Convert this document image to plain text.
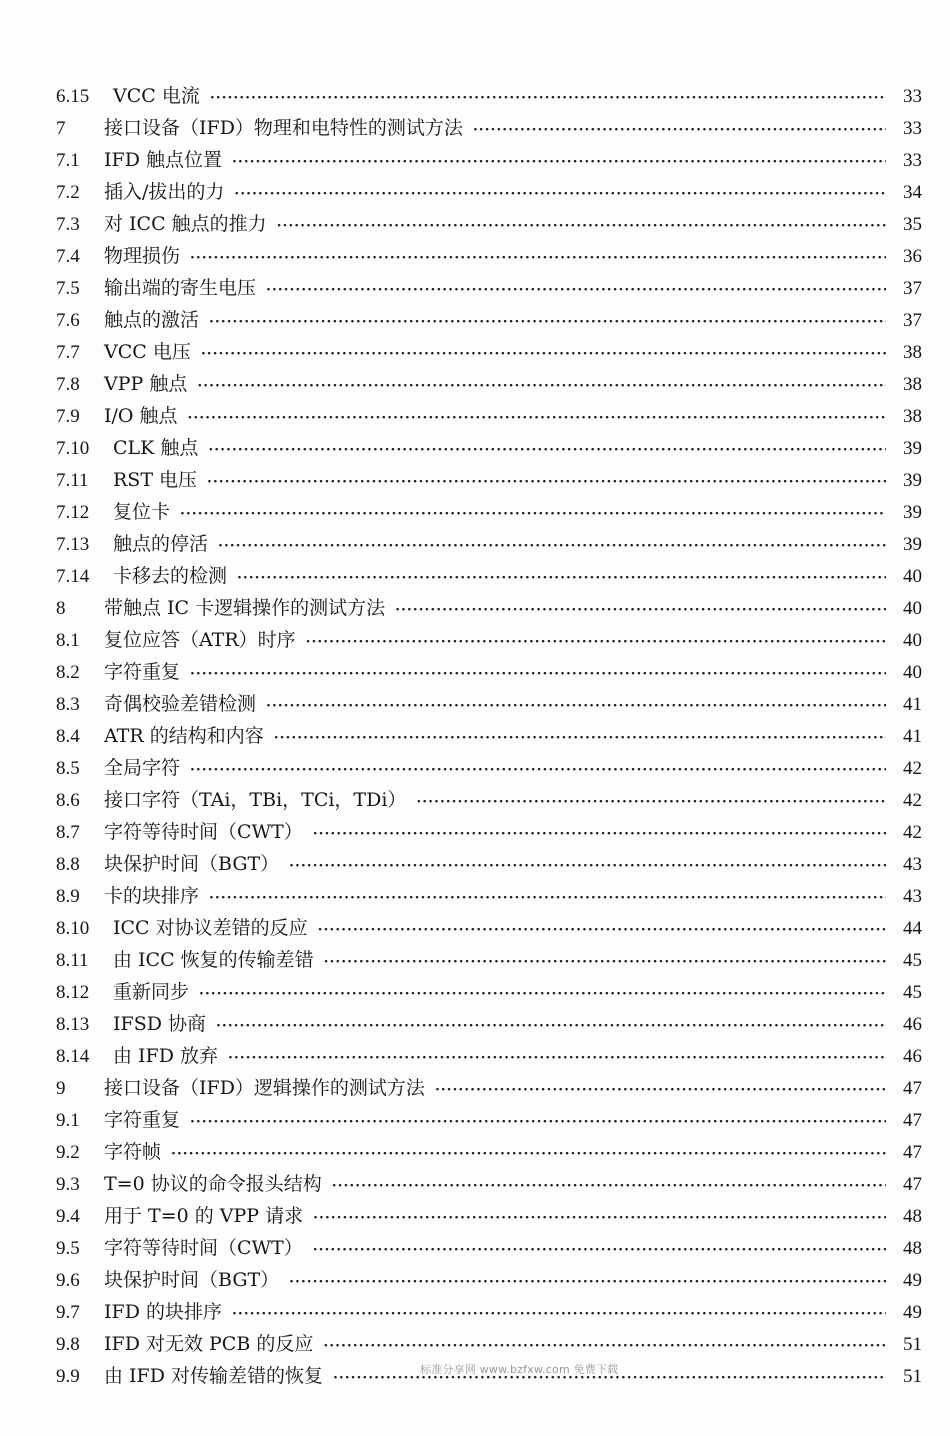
6.15	VCC 电流 ·····	33
7	接口设备（IFD）物理和电特性的测试方法 ·····	33
7.1	IFD 触点位置 ·····	33
7.2	插入/拔出的力 ·····	34
7.3	对 ICC 触点的推力 ·····	35
7.4	物理损伤 ·····	36
7.5	输出端的寄生电压 ·····	37
7.6	触点的激活 ·····	37
7.7	VCC 电压 ·····	38
7.8	VPP 触点 ·····	38
7.9	I/O 触点 ·····	38
7.10	CLK 触点 ·····	39
7.11	RST 电压 ·····	39
7.12	复位卡 ·····	39
7.13	触点的停活 ·····	39
7.14	卡移去的检测 ·····	40
8	带触点 IC 卡逻辑操作的测试方法 ·····	40
8.1	复位应答（ATR）时序 ·····	40
8.2	字符重复 ·····	40
8.3	奇偶校验差错检测 ·····	41
8.4	ATR 的结构和内容 ·····	41
8.5	全局字符 ·····	42
8.6	接口字符（TAi，TBi，TCi，TDi） ·····	42
8.7	字符等待时间（CWT） ·····	42
8.8	块保护时间（BGT） ·····	43
8.9	卡的块排序 ·····	43
8.10	ICC 对协议差错的反应 ·····	44
8.11	由 ICC 恢复的传输差错 ·····	45
8.12	重新同步 ·····	45
8.13	IFSD 协商 ·····	46
8.14	由 IFD 放弃 ·····	46
9	接口设备（IFD）逻辑操作的测试方法 ·····	47
9.1	字符重复 ·····	47
9.2	字符帧 ·····	47
9.3	T=0 协议的命令报头结构 ·····	47
9.4	用于 T=0 的 VPP 请求 ·····	48
9.5	字符等待时间（CWT） ·····	48
9.6	块保护时间（BGT） ·····	49
9.7	IFD 的块排序 ·····	49
9.8	IFD 对无效 PCB 的反应 ·····	51
9.9	由 IFD 对传输差错的恢复 ·····	51
标准分享网 www.bzfxw.com 免费下载
